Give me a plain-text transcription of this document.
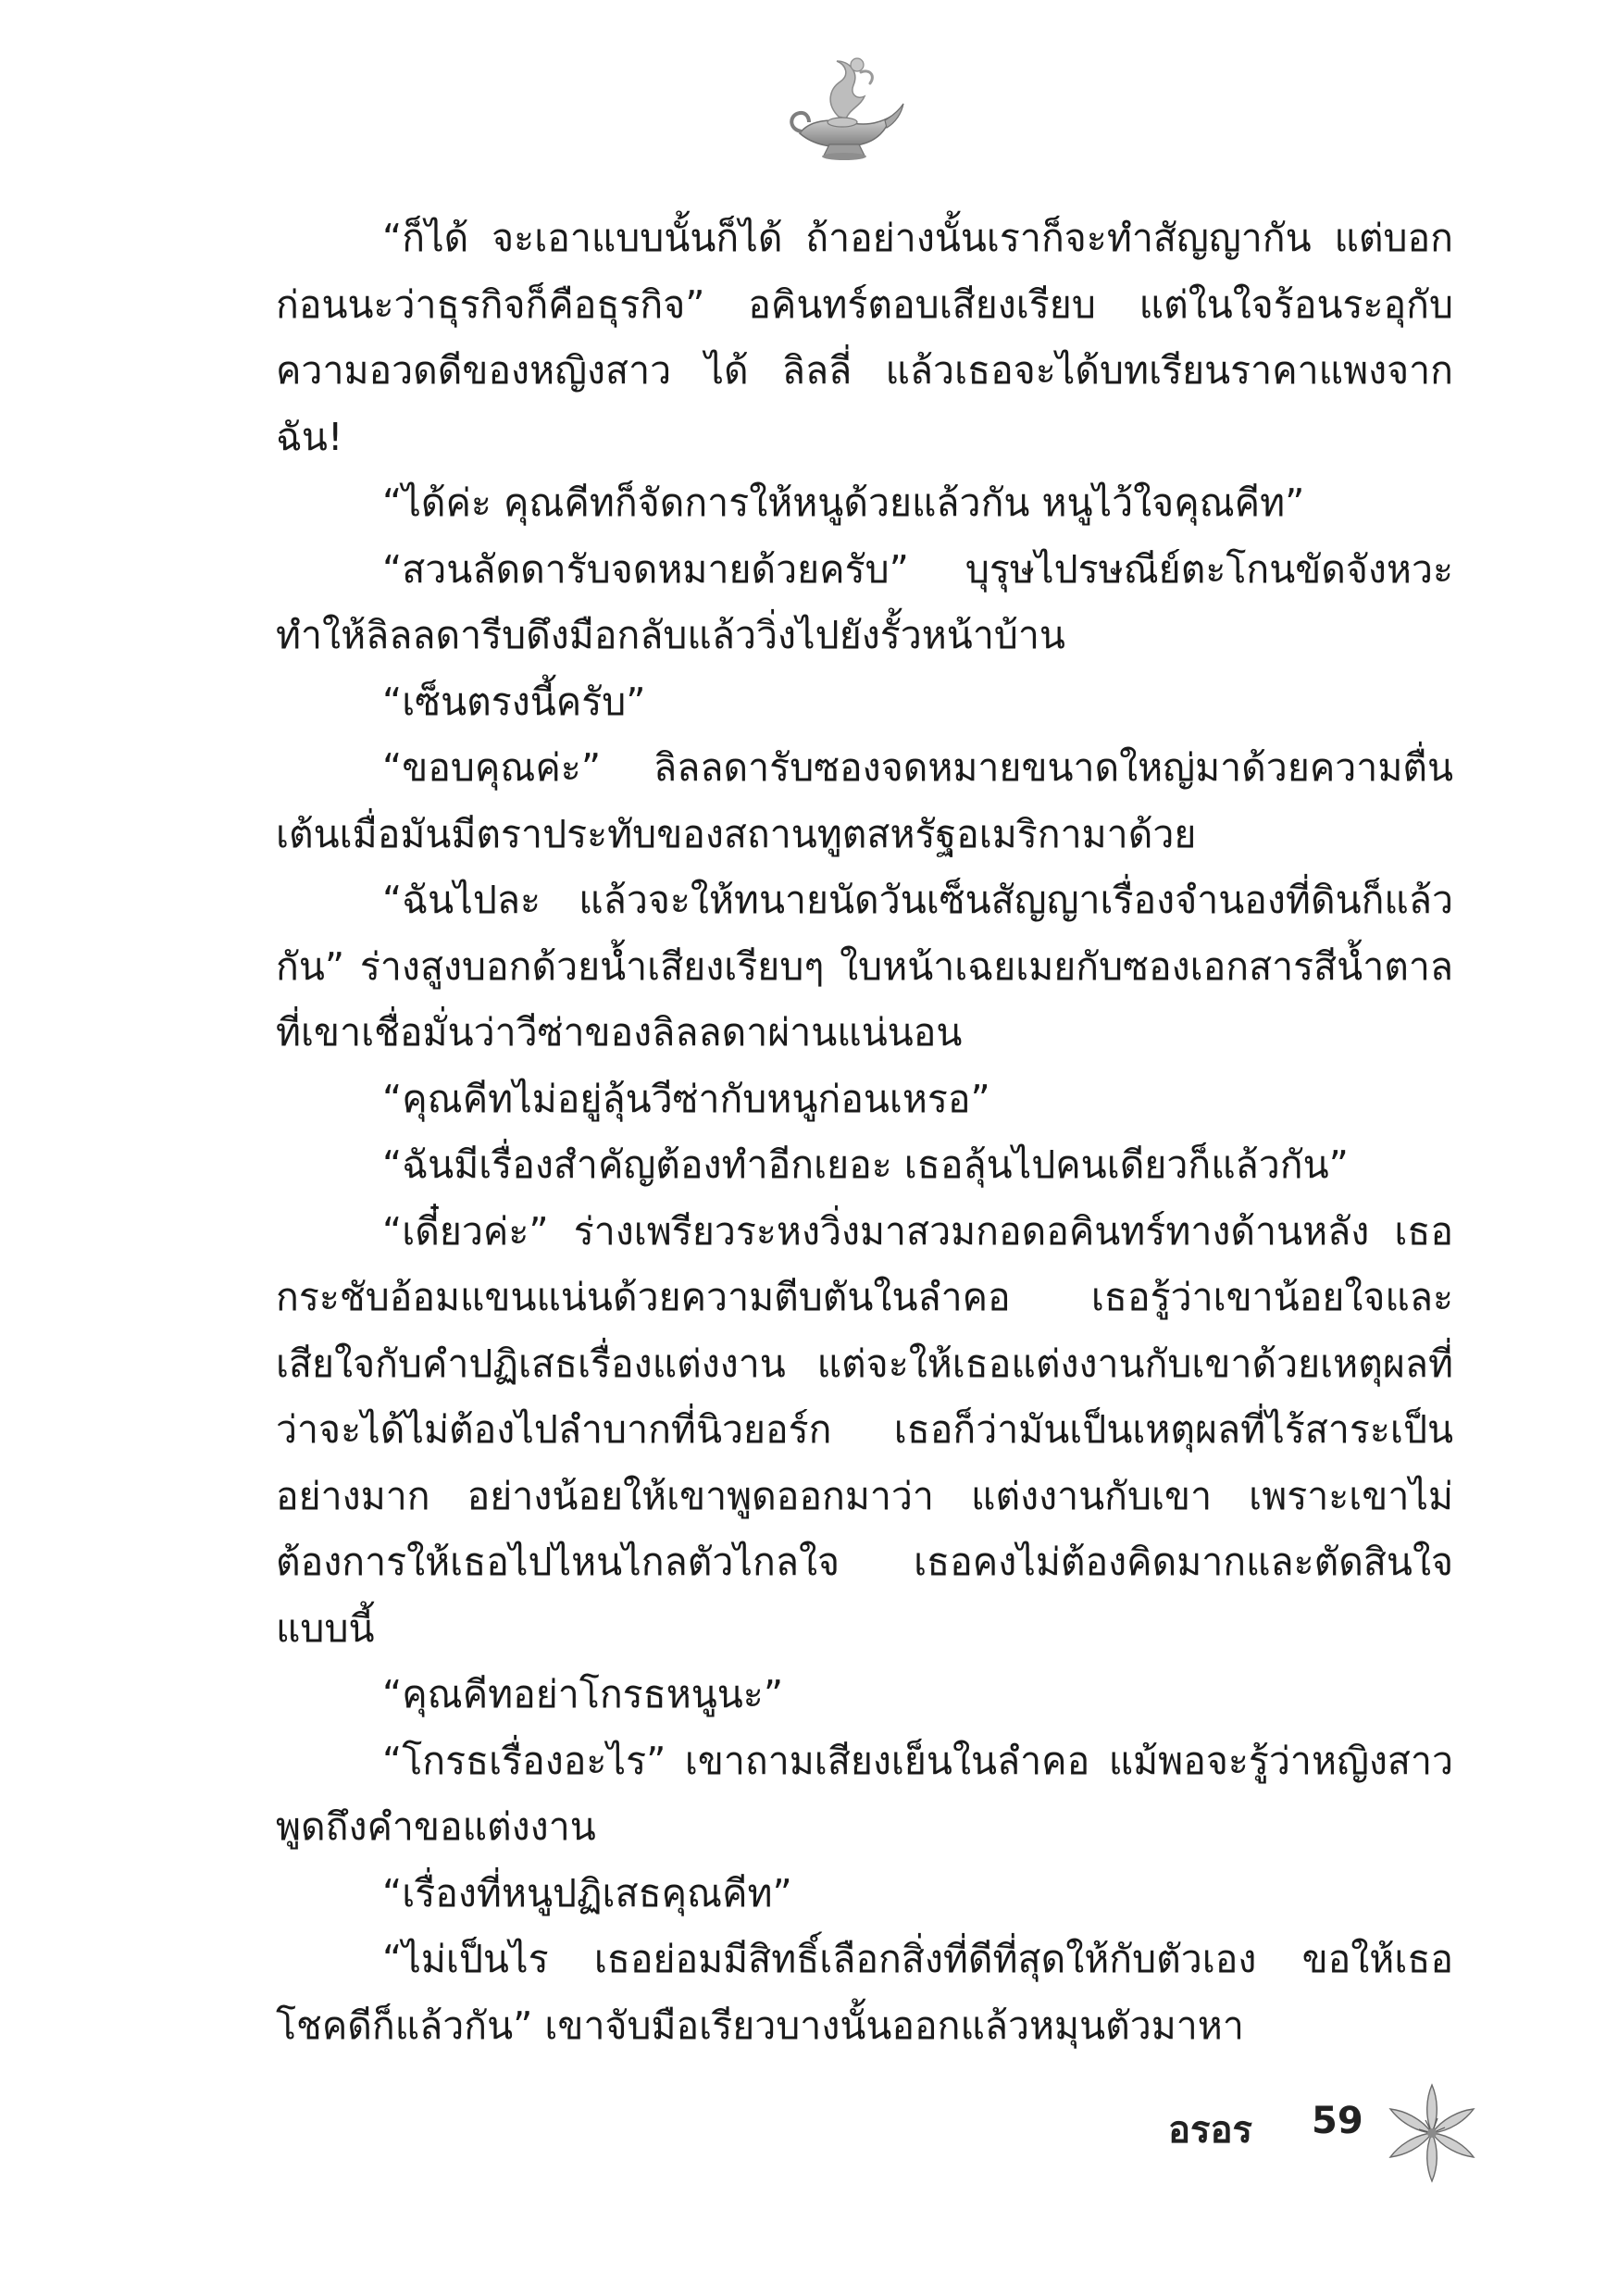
“ก็ได้ จะเอาแบบนั้นก็ได้ ถ้าอย่างนั้นเราก็จะทำสัญญากัน แต่บอกก่อนนะว่าธุรกิจก็คือธุรกิจ” อคินทร์ตอบเสียงเรียบ แต่ในใจร้อนระอุกับความอวดดีของหญิงสาว ได้ ลิลลี่ แล้วเธอจะได้บทเรียนราคาแพงจากฉัน!

“ได้ค่ะ คุณคีทก็จัดการให้หนูด้วยแล้วกัน หนูไว้ใจคุณคีท”

“สวนลัดดารับจดหมายด้วยครับ” บุรุษไปรษณีย์ตะโกนขัดจังหวะทำให้ลิลลดารีบดึงมือกลับแล้ววิ่งไปยังรั้วหน้าบ้าน

“เซ็นตรงนี้ครับ”

“ขอบคุณค่ะ” ลิลลดารับซองจดหมายขนาดใหญ่มาด้วยความตื่นเต้นเมื่อมันมีตราประทับของสถานทูตสหรัฐอเมริกามาด้วย

“ฉันไปละ แล้วจะให้ทนายนัดวันเซ็นสัญญาเรื่องจำนองที่ดินก็แล้วกัน” ร่างสูงบอกด้วยน้ำเสียงเรียบๆ ใบหน้าเฉยเมยกับซองเอกสารสีน้ำตาลที่เขาเชื่อมั่นว่าวีซ่าของลิลลดาผ่านแน่นอน

“คุณคีทไม่อยู่ลุ้นวีซ่ากับหนูก่อนเหรอ”

“ฉันมีเรื่องสำคัญต้องทำอีกเยอะ เธอลุ้นไปคนเดียวก็แล้วกัน”

“เดี๋ยวค่ะ” ร่างเพรียวระหงวิ่งมาสวมกอดอคินทร์ทางด้านหลัง เธอกระชับอ้อมแขนแน่นด้วยความตีบตันในลำคอ เธอรู้ว่าเขาน้อยใจและเสียใจกับคำปฏิเสธเรื่องแต่งงาน แต่จะให้เธอแต่งงานกับเขาด้วยเหตุผลที่ว่าจะได้ไม่ต้องไปลำบากที่นิวยอร์ก เธอก็ว่ามันเป็นเหตุผลที่ไร้สาระเป็นอย่างมาก อย่างน้อยให้เขาพูดออกมาว่า แต่งงานกับเขา เพราะเขาไม่ต้องการให้เธอไปไหนไกลตัวไกลใจ เธอคงไม่ต้องคิดมากและตัดสินใจแบบนี้

“คุณคีทอย่าโกรธหนูนะ”

“โกรธเรื่องอะไร” เขาถามเสียงเย็นในลำคอ แม้พอจะรู้ว่าหญิงสาวพูดถึงคำขอแต่งงาน

“เรื่องที่หนูปฏิเสธคุณคีท”

“ไม่เป็นไร เธอย่อมมีสิทธิ์เลือกสิ่งที่ดีที่สุดให้กับตัวเอง ขอให้เธอโชคดีก็แล้วกัน” เขาจับมือเรียวบางนั้นออกแล้วหมุนตัวมาหา

อรอร 59
